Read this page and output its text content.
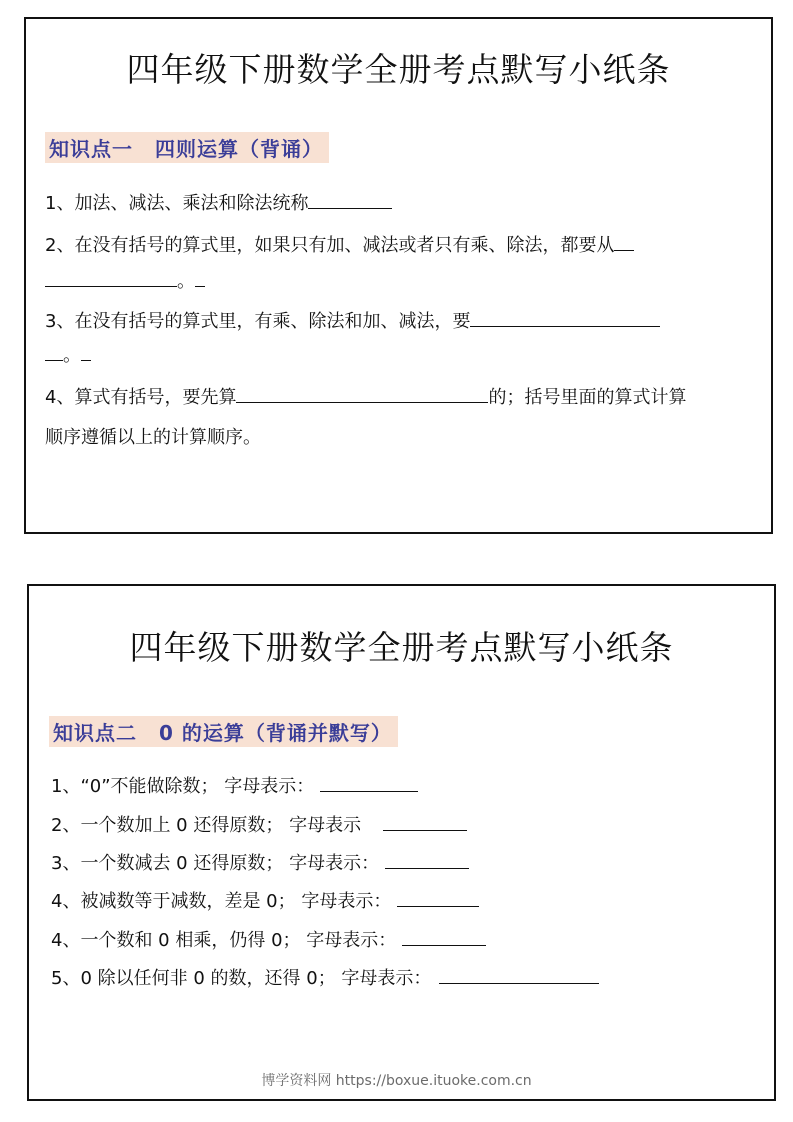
四年级下册数学全册考点默写小纸条
知识点一 四则运算（背诵）
1、加法、减法、乘法和除法统称
2、在没有括号的算式里，如果只有加、减法或者只有乘、除法，都要从
。
3、在没有括号的算式里，有乘、除法和加、减法，要
。
4、算式有括号，要先算	的；括号里面的算式计算
顺序遵循以上的计算顺序。
四年级下册数学全册考点默写小纸条
知识点二 0 的运算（背诵并默写）
1、“0”不能做除数； 字母表示：
2、一个数加上 0 还得原数； 字母表示
3、一个数减去 0 还得原数； 字母表示：
4、被减数等于减数，差是 0； 字母表示：
4、一个数和 0 相乘，仍得 0； 字母表示：
5、0 除以任何非 0 的数，还得 0； 字母表示：
博学资料网 https://boxue.ituoke.com.cn
